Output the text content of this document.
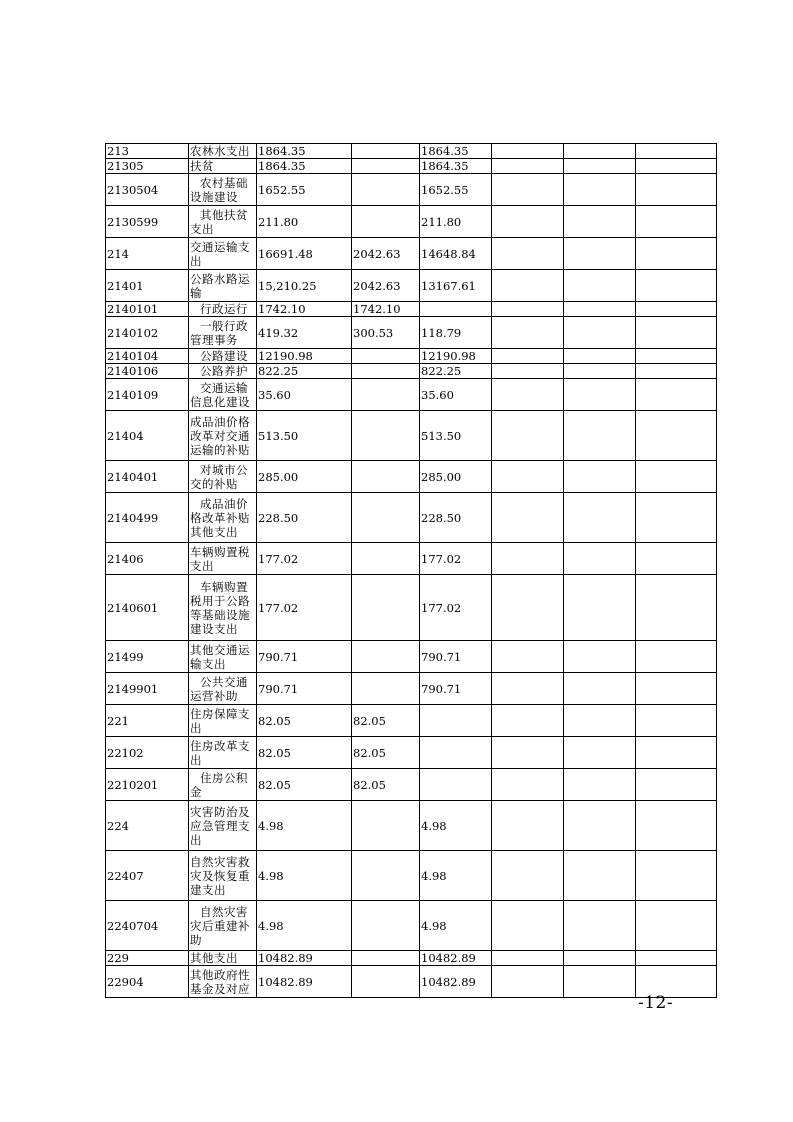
213	农林水支出	1864.35		1864.35			
21305	扶贫	1864.35		1864.35			
2130504	农村基础设施建设	1652.55		1652.55			
2130599	其他扶贫支出	211.80		211.80			
214	交通运输支出	16691.48	2042.63	14648.84			
21401	公路水路运输	15,210.25	2042.63	13167.61			
2140101	行政运行	1742.10	1742.10				
2140102	一般行政管理事务	419.32	300.53	118.79			
2140104	公路建设	12190.98		12190.98			
2140106	公路养护	822.25		822.25			
2140109	交通运输信息化建设	35.60		35.60			
21404	成品油价格改革对交通运输的补贴	513.50		513.50			
2140401	对城市公交的补贴	285.00		285.00			
2140499	成品油价格改革补贴其他支出	228.50		228.50			
21406	车辆购置税支出	177.02		177.02			
2140601	车辆购置税用于公路等基础设施建设支出	177.02		177.02			
21499	其他交通运输支出	790.71		790.71			
2149901	公共交通运营补助	790.71		790.71			
221	住房保障支出	82.05	82.05				
22102	住房改革支出	82.05	82.05				
2210201	住房公积金	82.05	82.05				
224	灾害防治及应急管理支出	4.98		4.98			
22407	自然灾害救灾及恢复重建支出	4.98		4.98			
2240704	自然灾害灾后重建补助	4.98		4.98			
229	其他支出	10482.89		10482.89			
22904	其他政府性基金及对应	10482.89		10482.89			
-12-
